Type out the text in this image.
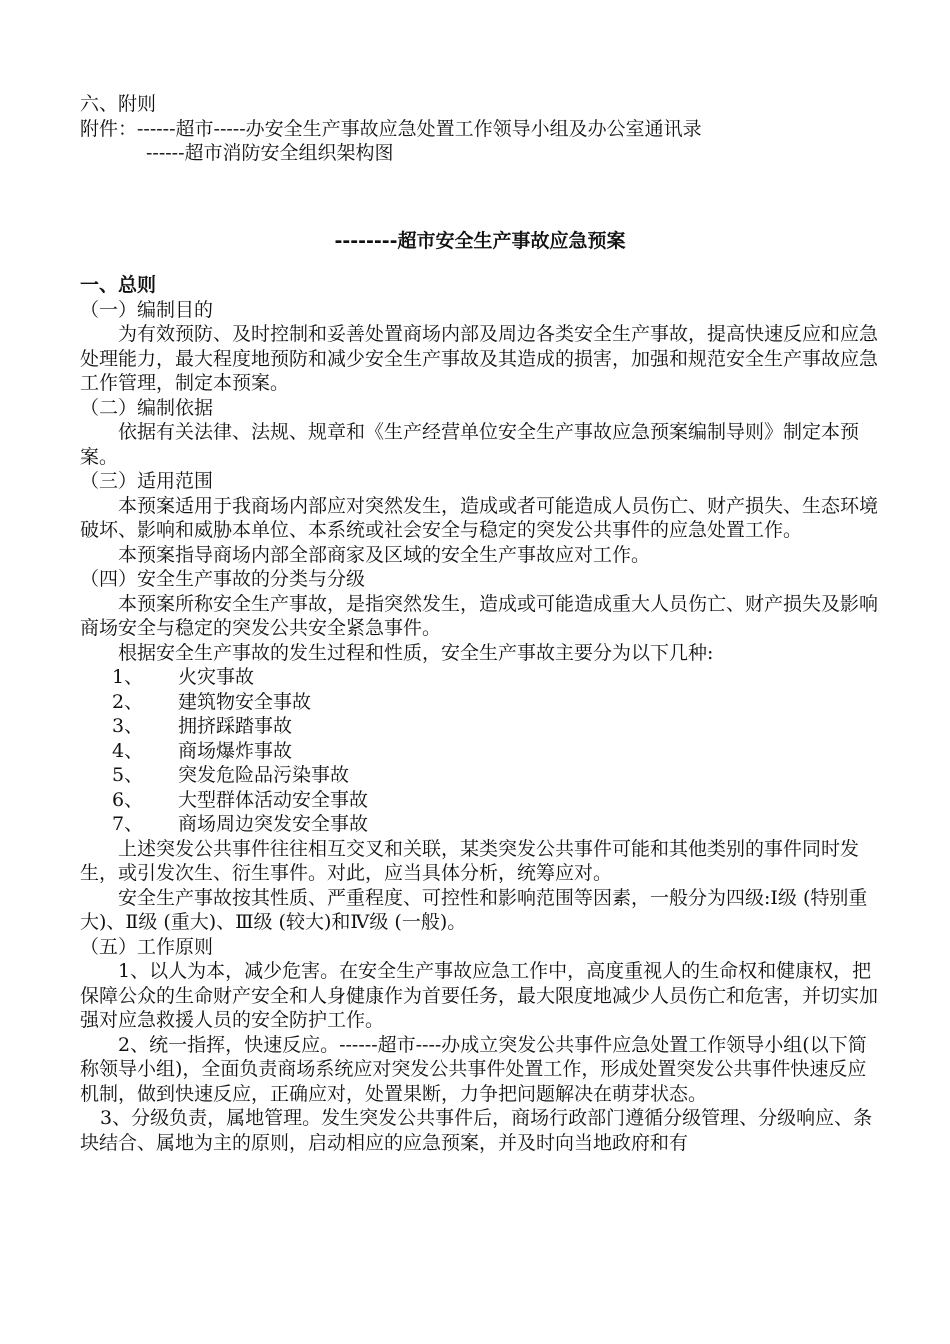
六、附则

附件：------超市-----办安全生产事故应急处置工作领导小组及办公室通讯录

------超市消防安全组织架构图

--------超市安全生产事故应急预案

一、总则

（一）编制目的

为有效预防、及时控制和妥善处置商场内部及周边各类安全生产事故，提高快速反应和应急处理能力，最大程度地预防和减少安全生产事故及其造成的损害，加强和规范安全生产事故应急工作管理，制定本预案。

（二）编制依据

依据有关法律、法规、规章和《生产经营单位安全生产事故应急预案编制导则》制定本预案。

（三）适用范围

本预案适用于我商场内部应对突然发生，造成或者可能造成人员伤亡、财产损失、生态环境破坏、影响和威胁本单位、本系统或社会安全与稳定的突发公共事件的应急处置工作。

本预案指导商场内部全部商家及区域的安全生产事故应对工作。

（四）安全生产事故的分类与分级

本预案所称安全生产事故，是指突然发生，造成或可能造成重大人员伤亡、财产损失及影响商场安全与稳定的突发公共安全紧急事件。

根据安全生产事故的发生过程和性质，安全生产事故主要分为以下几种:

1、	火灾事故
2、	建筑物安全事故
3、	拥挤踩踏事故
4、	商场爆炸事故
5、	突发危险品污染事故
6、	大型群体活动安全事故
7、	商场周边突发安全事故

上述突发公共事件往往相互交叉和关联，某类突发公共事件可能和其他类别的事件同时发生，或引发次生、衍生事件。对此，应当具体分析，统筹应对。

安全生产事故按其性质、严重程度、可控性和影响范围等因素，一般分为四级:Ⅰ级 (特别重大)、Ⅱ级 (重大)、Ⅲ级 (较大)和Ⅳ级 (一般)。

（五）工作原则

1、以人为本，减少危害。在安全生产事故应急工作中，高度重视人的生命权和健康权，把保障公众的生命财产安全和人身健康作为首要任务，最大限度地减少人员伤亡和危害，并切实加强对应急救援人员的安全防护工作。

2、统一指挥，快速反应。------超市----办成立突发公共事件应急处置工作领导小组(以下简称领导小组)，全面负责商场系统应对突发公共事件处置工作，形成处置突发公共事件快速反应机制，做到快速反应，正确应对，处置果断，力争把问题解决在萌芽状态。

3、分级负责，属地管理。发生突发公共事件后，商场行政部门遵循分级管理、分级响应、条块结合、属地为主的原则，启动相应的应急预案，并及时向当地政府和有
